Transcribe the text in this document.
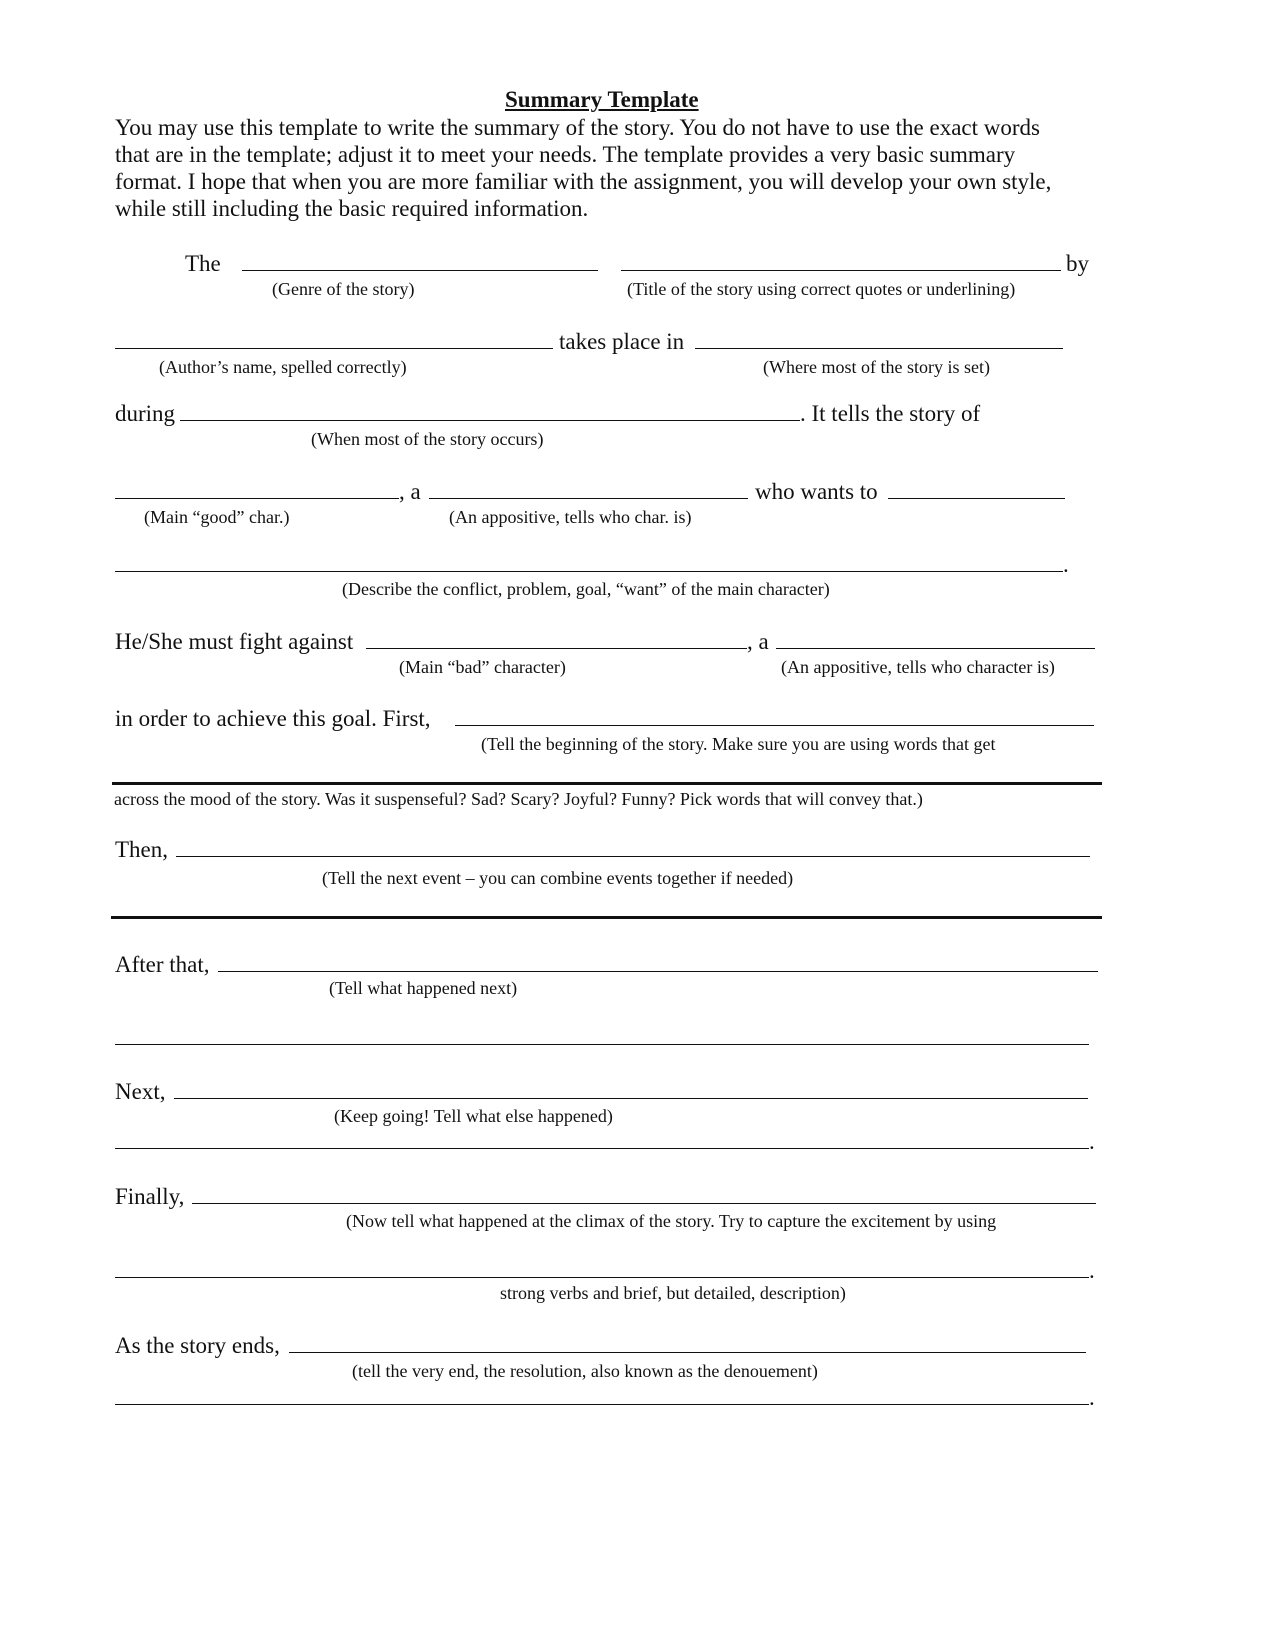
Summary Template
You may use this template to write the summary of the story. You do not have to use the exact words
that are in the template; adjust it to meet your needs. The template provides a very basic summary
format. I hope that when you are more familiar with the assignment, you will develop your own style,
while still including the basic required information.
The	by
(Genre of the story)	(Title of the story using correct quotes or underlining)
takes place in
(Author’s name, spelled correctly)	(Where most of the story is set)
during	. It tells the story of
(When most of the story occurs)
, a	who wants to
(Main “good” char.)	(An appositive, tells who char. is)
.
(Describe the conflict, problem, goal, “want” of the main character)
He/She must fight against	, a
(Main “bad” character)	(An appositive, tells who character is)
in order to achieve this goal. First,
(Tell the beginning of the story. Make sure you are using words that get
across the mood of the story. Was it suspenseful? Sad? Scary? Joyful? Funny? Pick words that will convey that.)
Then,
(Tell the next event – you can combine events together if needed)
After that,
(Tell what happened next)
Next,
(Keep going! Tell what else happened)
.
Finally,
(Now tell what happened at the climax of the story. Try to capture the excitement by using
.
strong verbs and brief, but detailed, description)
As the story ends,
(tell the very end, the resolution, also known as the denouement)
.
